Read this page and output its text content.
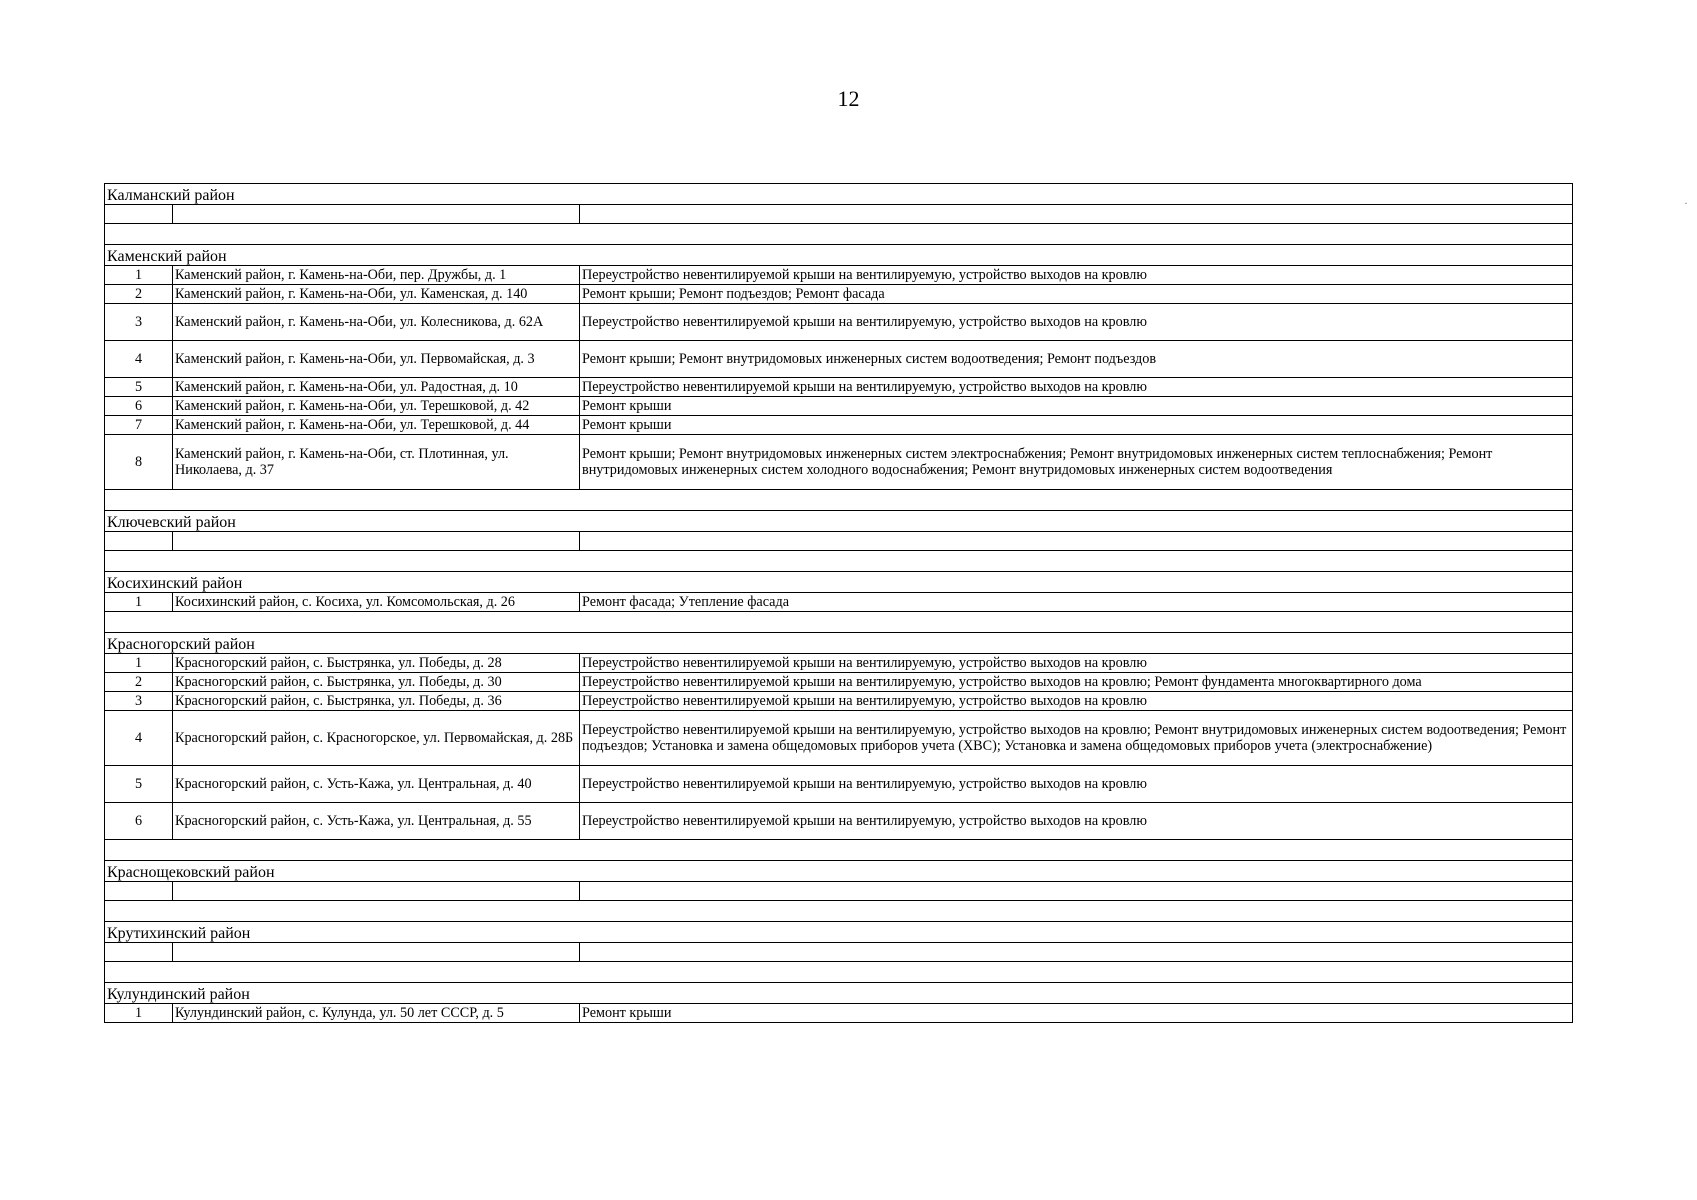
12
Калманский район		

Каменский район		
1	Каменский район, г. Камень-на-Оби, пер. Дружбы, д. 1	Переустройство невентилируемой крыши на вентилируемую, устройство выходов на кровлю
2	Каменский район, г. Камень-на-Оби, ул. Каменская, д. 140	Ремонт крыши; Ремонт подъездов; Ремонт фасада
3	Каменский район, г. Камень-на-Оби, ул. Колесникова, д. 62А	Переустройство невентилируемой крыши на вентилируемую, устройство выходов на кровлю
4	Каменский район, г. Камень-на-Оби, ул. Первомайская, д. 3	Ремонт крыши; Ремонт внутридомовых инженерных систем водоотведения; Ремонт подъездов
5	Каменский район, г. Камень-на-Оби, ул. Радостная, д. 10	Переустройство невентилируемой крыши на вентилируемую, устройство выходов на кровлю
6	Каменский район, г. Камень-на-Оби, ул. Терешковой, д. 42	Ремонт крыши
7	Каменский район, г. Камень-на-Оби, ул. Терешковой, д. 44	Ремонт крыши
8	Каменский район, г. Камень-на-Оби, ст. Плотинная, ул. Николаева, д. 37	Ремонт крыши; Ремонт внутридомовых инженерных систем электроснабжения; Ремонт внутридомовых инженерных систем теплоснабжения; Ремонт внутридомовых инженерных систем холодного водоснабжения; Ремонт внутридомовых инженерных систем водоотведения

Ключевский район		

Косихинский район		
1	Косихинский район, с. Косиха, ул. Комсомольская, д. 26	Ремонт фасада; Утепление фасада

Красногорский район		
1	Красногорский район, с. Быстрянка, ул. Победы, д. 28	Переустройство невентилируемой крыши на вентилируемую, устройство выходов на кровлю
2	Красногорский район, с. Быстрянка, ул. Победы, д. 30	Переустройство невентилируемой крыши на вентилируемую, устройство выходов на кровлю; Ремонт фундамента многоквартирного дома
3	Красногорский район, с. Быстрянка, ул. Победы, д. 36	Переустройство невентилируемой крыши на вентилируемую, устройство выходов на кровлю
4	Красногорский район, с. Красногорское, ул. Первомайская, д. 28Б	Переустройство невентилируемой крыши на вентилируемую, устройство выходов на кровлю; Ремонт внутридомовых инженерных систем водоотведения; Ремонт подъездов; Установка и замена общедомовых приборов учета (ХВС); Установка и замена общедомовых приборов учета (электроснабжение)
5	Красногорский район, с. Усть-Кажа, ул. Центральная, д. 40	Переустройство невентилируемой крыши на вентилируемую, устройство выходов на кровлю
6	Красногорский район, с. Усть-Кажа, ул. Центральная, д. 55	Переустройство невентилируемой крыши на вентилируемую, устройство выходов на кровлю

Краснощековский район		

Крутихинский район		

Кулундинский район		
1	Кулундинский район, с. Кулунда, ул. 50 лет СССР, д. 5	Ремонт крыши
·
